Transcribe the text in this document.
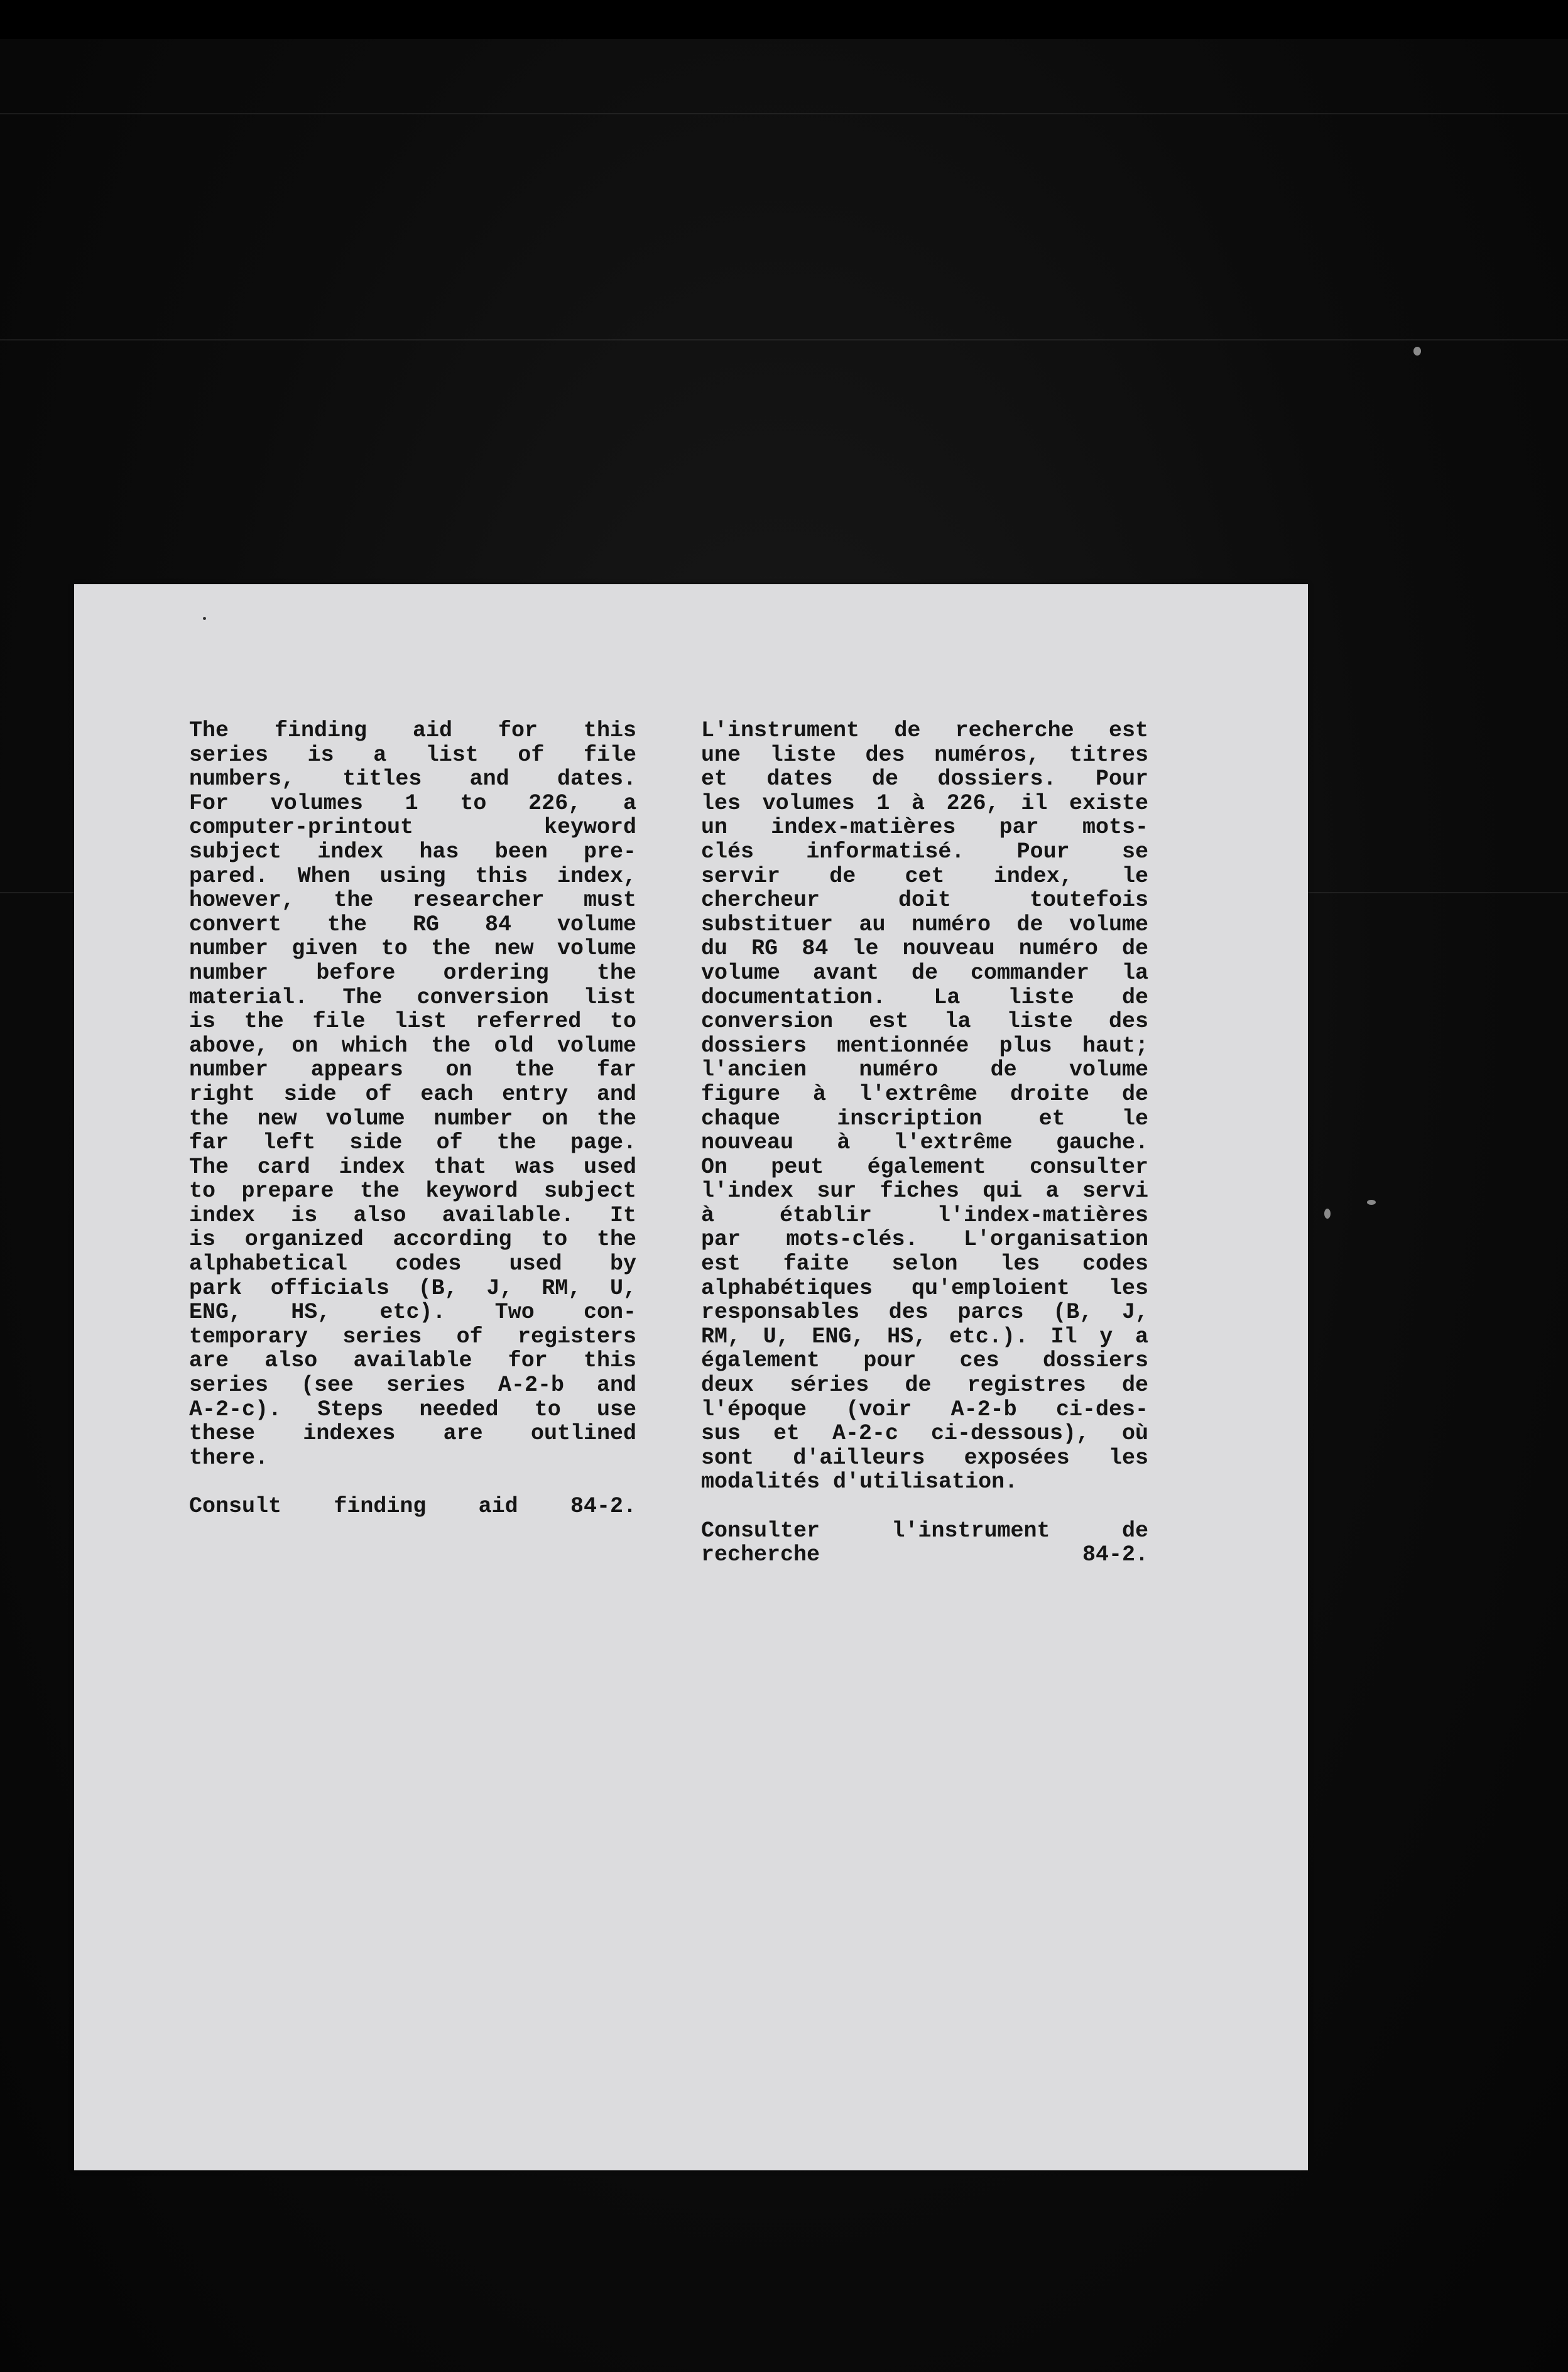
The finding aid for this

series is a list of file

numbers, titles and dates.

For volumes 1 to 226, a

computer-printout keyword

subject index has been pre-

pared. When using this index,

however, the researcher must

convert the RG 84 volume

number given to the new volume

number before ordering the

material. The conversion list

is the file list referred to

above, on which the old volume

number appears on the far

right side of each entry and

the new volume number on the

far left side of the page.

The card index that was used

to prepare the keyword subject

index is also available. It

is organized according to the

alphabetical codes used by

park officials (B, J, RM, U,

ENG, HS, etc). Two con-

temporary series of registers

are also available for this

series (see series A-2-b and

A-2-c). Steps needed to use

these indexes are outlined

there.

Consult finding aid 84-2.

L'instrument de recherche est

une liste des numéros, titres

et dates de dossiers. Pour

les volumes 1 à 226, il existe

un index-matières par mots-

clés informatisé. Pour se

servir de cet index, le

chercheur doit toutefois

substituer au numéro de volume

du RG 84 le nouveau numéro de

volume avant de commander la

documentation. La liste de

conversion est la liste des

dossiers mentionnée plus haut;

l'ancien numéro de volume

figure à l'extrême droite de

chaque inscription et le

nouveau à l'extrême gauche.

On peut également consulter

l'index sur fiches qui a servi

à établir l'index-matières

par mots-clés. L'organisation

est faite selon les codes

alphabétiques qu'emploient les

responsables des parcs (B, J,

RM, U, ENG, HS, etc.). Il y a

également pour ces dossiers

deux séries de registres de

l'époque (voir A-2-b ci-des-

sus et A-2-c ci-dessous), où

sont d'ailleurs exposées les

modalités d'utilisation.

Consulter l'instrument de

recherche 84-2.
